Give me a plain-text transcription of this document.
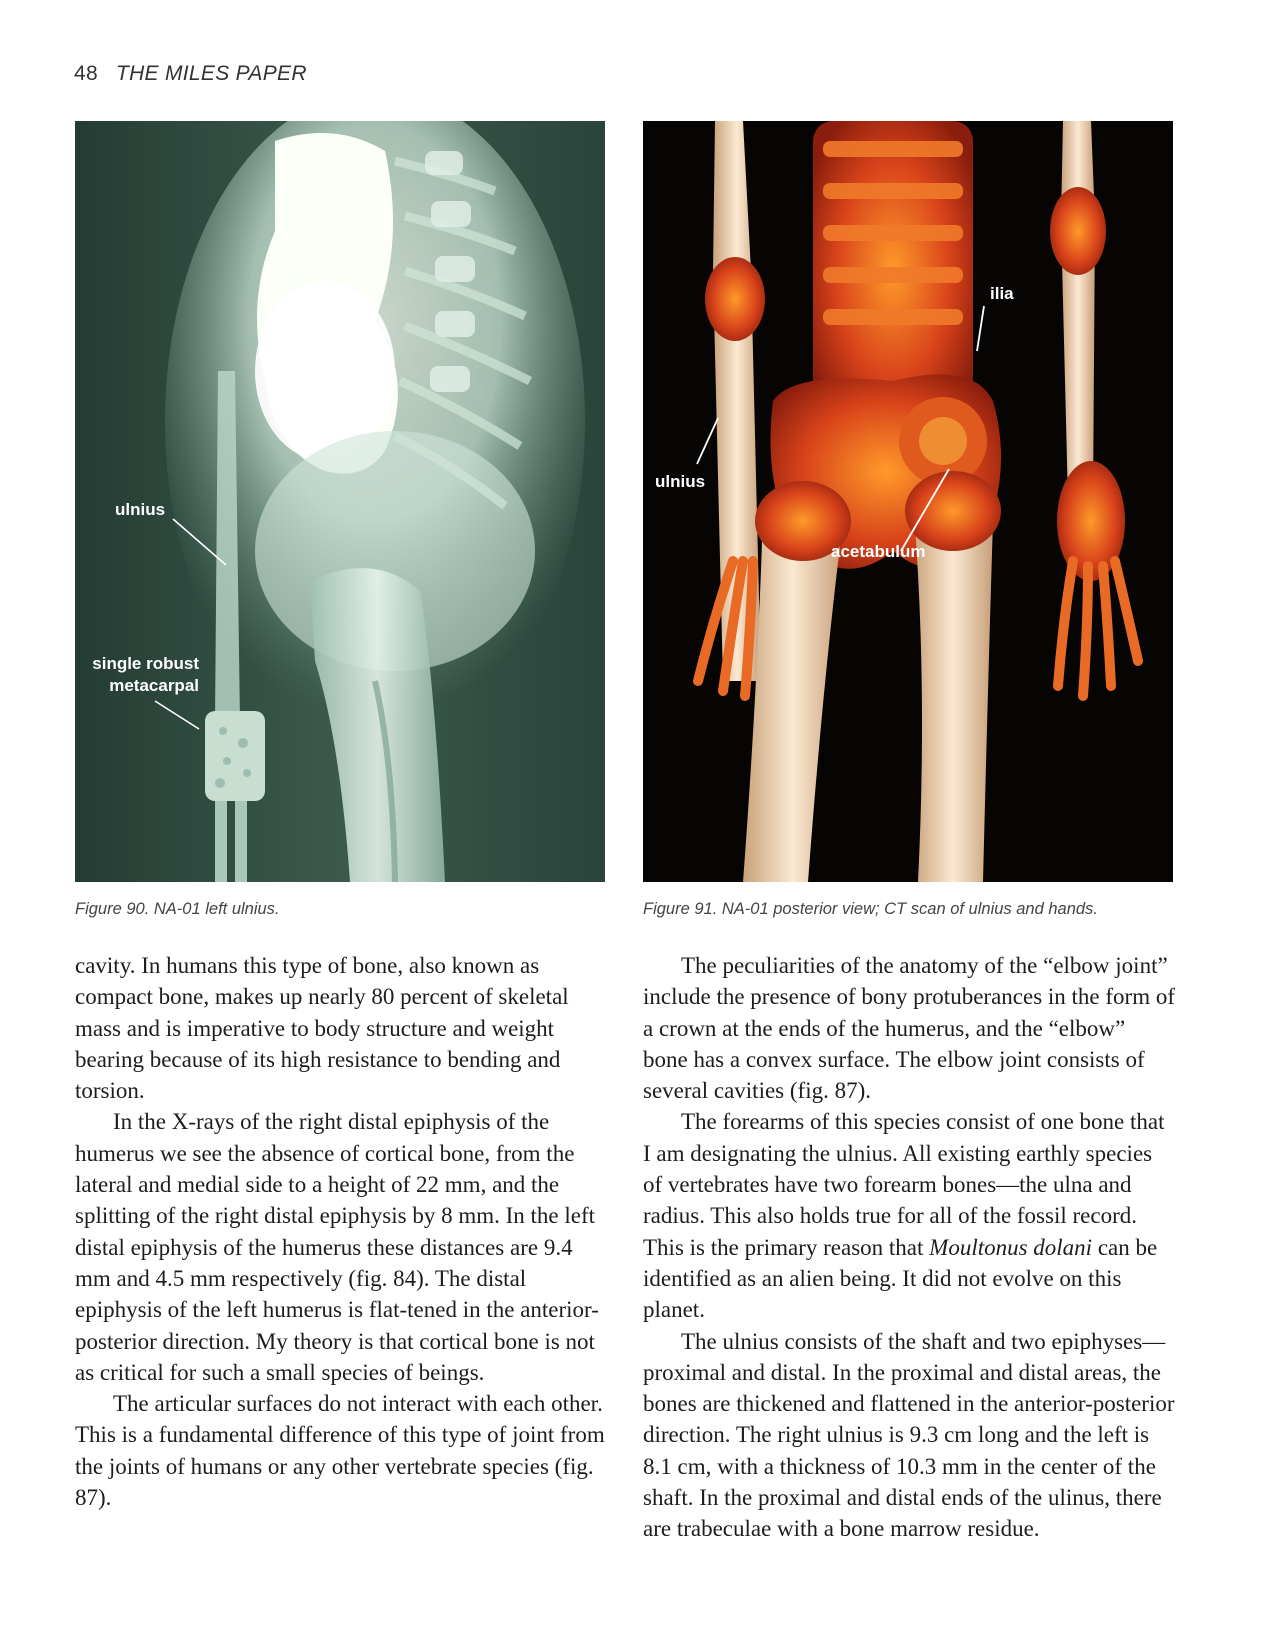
48 THE MILES PAPER
ulnius
single robust
metacarpal
ilia
ulnius
acetabulum
Figure 90. NA-01 left ulnius.	Figure 91. NA-01 posterior view; CT scan of ulnius and hands.

cavity. In humans this type of bone, also known as compact bone, makes up nearly 80 percent of skeletal mass and is imperative to body structure and weight bearing because of its high resistance to bending and torsion.

In the X-rays of the right distal epiphysis of the humerus we see the absence of cortical bone, from the lateral and medial side to a height of 22 mm, and the splitting of the right distal epiphysis by 8 mm. In the left distal epiphysis of the humerus these distances are 9.4 mm and 4.5 mm respectively (fig. 84). The distal epiphysis of the left humerus is flat-tened in the anterior-posterior direction. My theory is that cortical bone is not as critical for such a small species of beings.

The articular surfaces do not interact with each other. This is a fundamental difference of this type of joint from the joints of humans or any other vertebrate species (fig. 87).

The peculiarities of the anatomy of the “elbow joint” include the presence of bony protuberances in the form of a crown at the ends of the humerus, and the “elbow” bone has a convex surface. The elbow joint consists of several cavities (fig. 87).

The forearms of this species consist of one bone that I am designating the ulnius. All existing earthly species of vertebrates have two forearm bones—the ulna and radius. This also holds true for all of the fossil record. This is the primary reason that Moultonus dolani can be identified as an alien being. It did not evolve on this planet.

The ulnius consists of the shaft and two epiphyses—proximal and distal. In the proximal and distal areas, the bones are thickened and flattened in the anterior-posterior direction. The right ulnius is 9.3 cm long and the left is 8.1 cm, with a thickness of 10.3 mm in the center of the shaft. In the proximal and distal ends of the ulinus, there are trabeculae with a bone marrow residue.
